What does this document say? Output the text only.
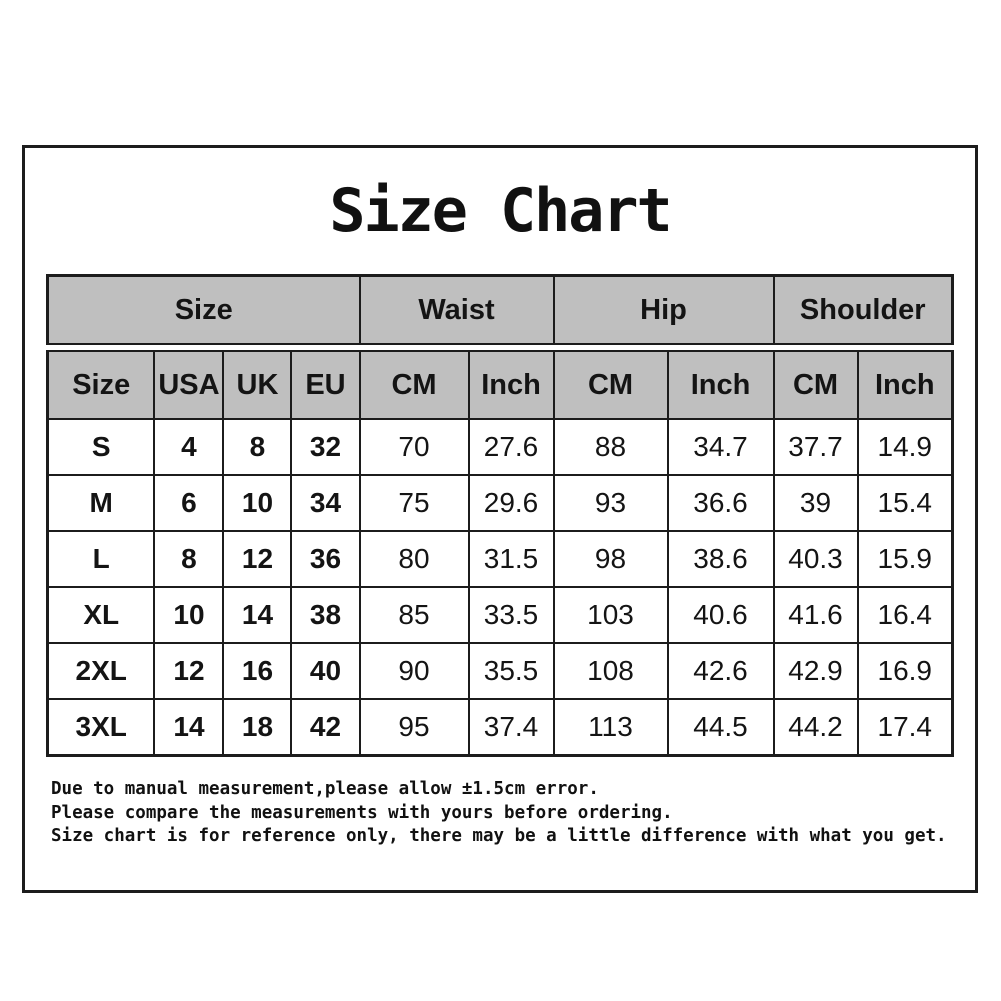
Size Chart
Size				Waist		Hip		Shoulder	

Size	USA	UK	EU	CM	Inch	CM	Inch	CM	Inch
S	4	8	32	70	27.6	88	34.7	37.7	14.9
M	6	10	34	75	29.6	93	36.6	39	15.4
L	8	12	36	80	31.5	98	38.6	40.3	15.9
XL	10	14	38	85	33.5	103	40.6	41.6	16.4
2XL	12	16	40	90	35.5	108	42.6	42.9	16.9
3XL	14	18	42	95	37.4	113	44.5	44.2	17.4
Due to manual measurement,please allow ±1.5cm error.
Please compare the measurements with yours before ordering.
Size chart is for reference only, there may be a little difference with what you get.
